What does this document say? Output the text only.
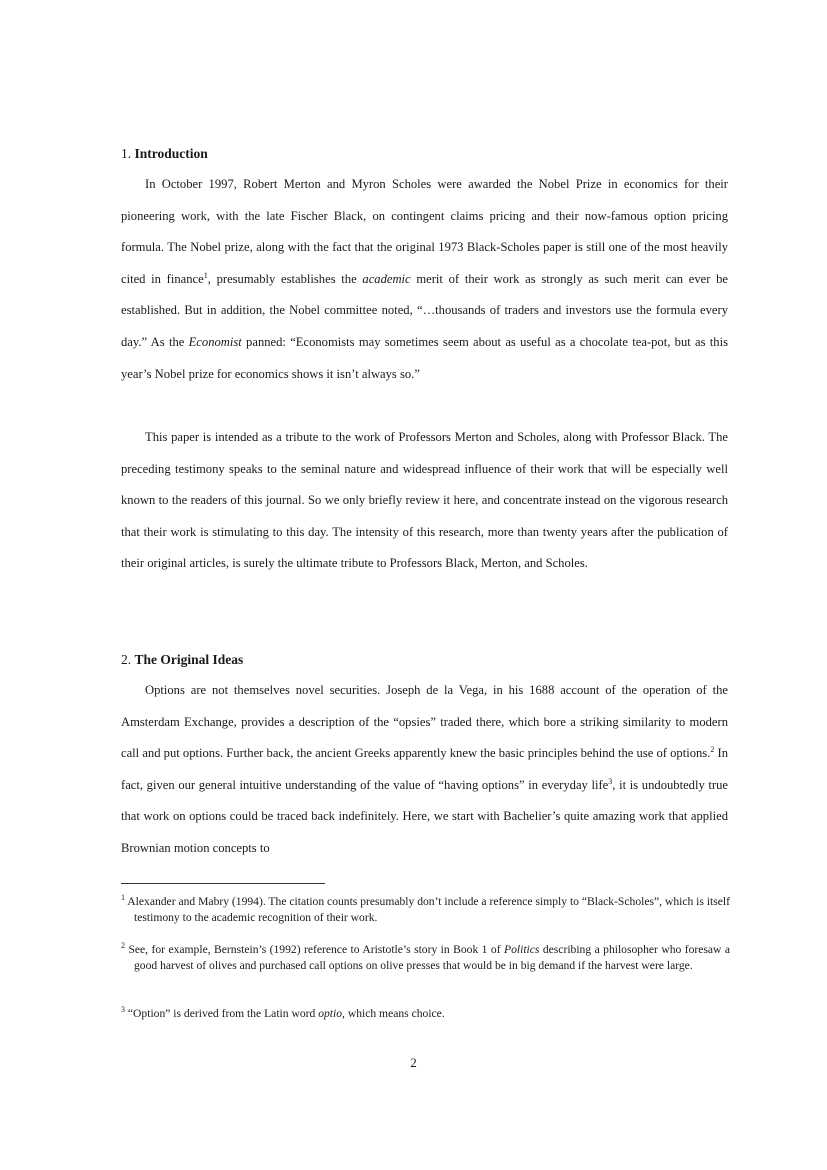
1. Introduction

In October 1997, Robert Merton and Myron Scholes were awarded the Nobel Prize in economics for their pioneering work, with the late Fischer Black, on contingent claims pricing and their now-famous option pricing formula. The Nobel prize, along with the fact that the original 1973 Black-Scholes paper is still one of the most heavily cited in finance$^1$, presumably establishes the academic merit of their work as strongly as such merit can ever be established. But in addition, the Nobel committee noted, “…thousands of traders and investors use the formula every day.” As the Economist panned: “Economists may sometimes seem about as useful as a chocolate tea-pot, but as this year’s Nobel prize for economics shows it isn’t always so.”

This paper is intended as a tribute to the work of Professors Merton and Scholes, along with Professor Black. The preceding testimony speaks to the seminal nature and widespread influence of their work that will be especially well known to the readers of this journal. So we only briefly review it here, and concentrate instead on the vigorous research that their work is stimulating to this day. The intensity of this research, more than twenty years after the publication of their original articles, is surely the ultimate tribute to Professors Black, Merton, and Scholes.

2. The Original Ideas

Options are not themselves novel securities. Joseph de la Vega, in his 1688 account of the operation of the Amsterdam Exchange, provides a description of the “opsies” traded there, which bore a striking similarity to modern call and put options. Further back, the ancient Greeks apparently knew the basic principles behind the use of options.$^2$ In fact, given our general intuitive understanding of the value of “having options” in everyday life$^3$, it is undoubtedly true that work on options could be traced back indefinitely. Here, we start with Bachelier’s quite amazing work that applied Brownian motion concepts to

$^1$ Alexander and Mabry (1994). The citation counts presumably don’t include a reference simply to “Black-Scholes”, which is itself testimony to the academic recognition of their work.

$^2$ See, for example, Bernstein’s (1992) reference to Aristotle’s story in Book 1 of Politics describing a philosopher who foresaw a good harvest of olives and purchased call options on olive presses that would be in big demand if the harvest were large.

$^3$ “Option” is derived from the Latin word optio, which means choice.

2
